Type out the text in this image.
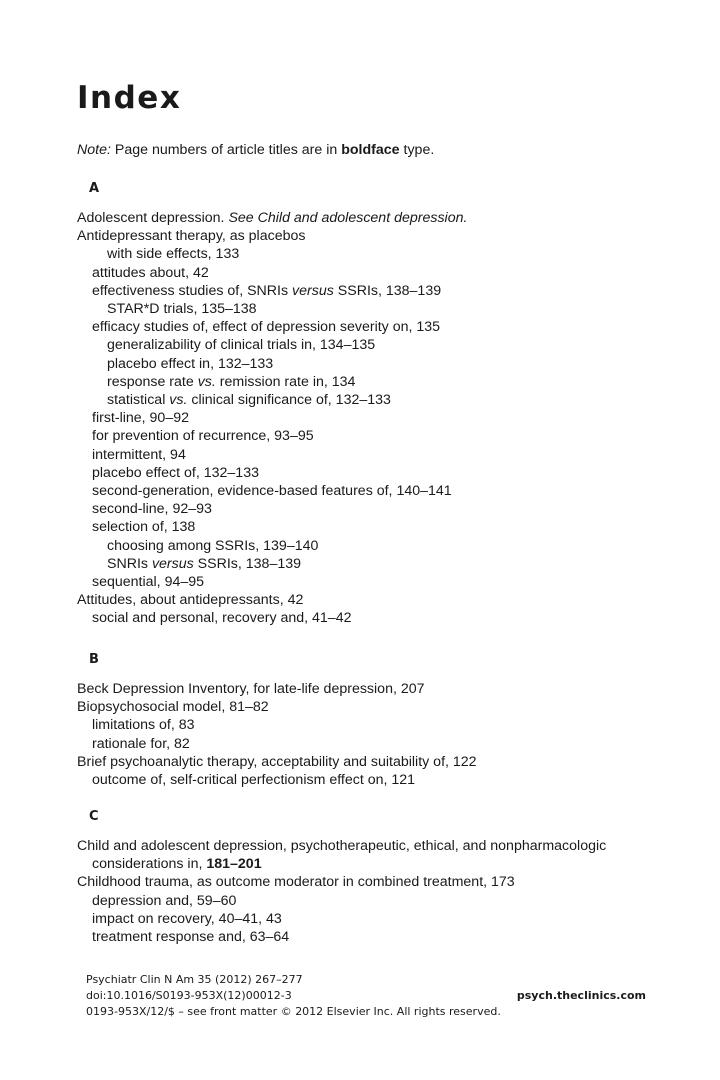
Index
Note: Page numbers of article titles are in boldface type.
A
Adolescent depression. See Child and adolescent depression.
Antidepressant therapy, as placebos
with side effects, 133
attitudes about, 42
effectiveness studies of, SNRIs versus SSRIs, 138–139
STAR*D trials, 135–138
efficacy studies of, effect of depression severity on, 135
generalizability of clinical trials in, 134–135
placebo effect in, 132–133
response rate vs. remission rate in, 134
statistical vs. clinical significance of, 132–133
first-line, 90–92
for prevention of recurrence, 93–95
intermittent, 94
placebo effect of, 132–133
second-generation, evidence-based features of, 140–141
second-line, 92–93
selection of, 138
choosing among SSRIs, 139–140
SNRIs versus SSRIs, 138–139
sequential, 94–95
Attitudes, about antidepressants, 42
social and personal, recovery and, 41–42
B
Beck Depression Inventory, for late-life depression, 207
Biopsychosocial model, 81–82
limitations of, 83
rationale for, 82
Brief psychoanalytic therapy, acceptability and suitability of, 122
outcome of, self-critical perfectionism effect on, 121
C
Child and adolescent depression, psychotherapeutic, ethical, and nonpharmacologic
considerations in, 181–201
Childhood trauma, as outcome moderator in combined treatment, 173
depression and, 59–60
impact on recovery, 40–41, 43
treatment response and, 63–64
Psychiatr Clin N Am 35 (2012) 267–277
doi:10.1016/S0193-953X(12)00012-3
0193-953X/12/$ – see front matter © 2012 Elsevier Inc. All rights reserved.
psych.theclinics.com
